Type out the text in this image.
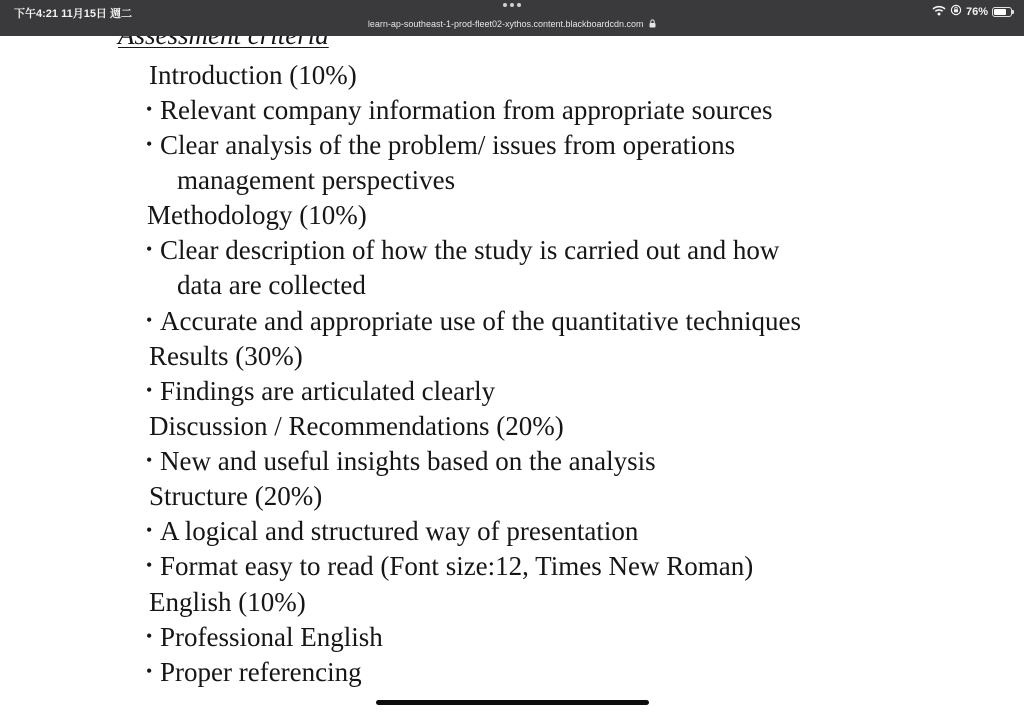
Introduction (10%)
• Relevant company information from appropriate sources
• Clear analysis of the problem/ issues from operations
management perspectives
Methodology (10%)
• Clear description of how the study is carried out and how
data are collected
• Accurate and appropriate use of the quantitative techniques
Results (30%)
• Findings are articulated clearly
Discussion / Recommendations (20%)
• New and useful insights based on the analysis
Structure (20%)
• A logical and structured way of presentation
• Format easy to read (Font size:12, Times New Roman)
English (10%)
• Professional English
• Proper referencing
下午4:21 11月15日 週二
learn-ap-southeast-1-prod-fleet02-xythos.content.blackboardcdn.com
76%
